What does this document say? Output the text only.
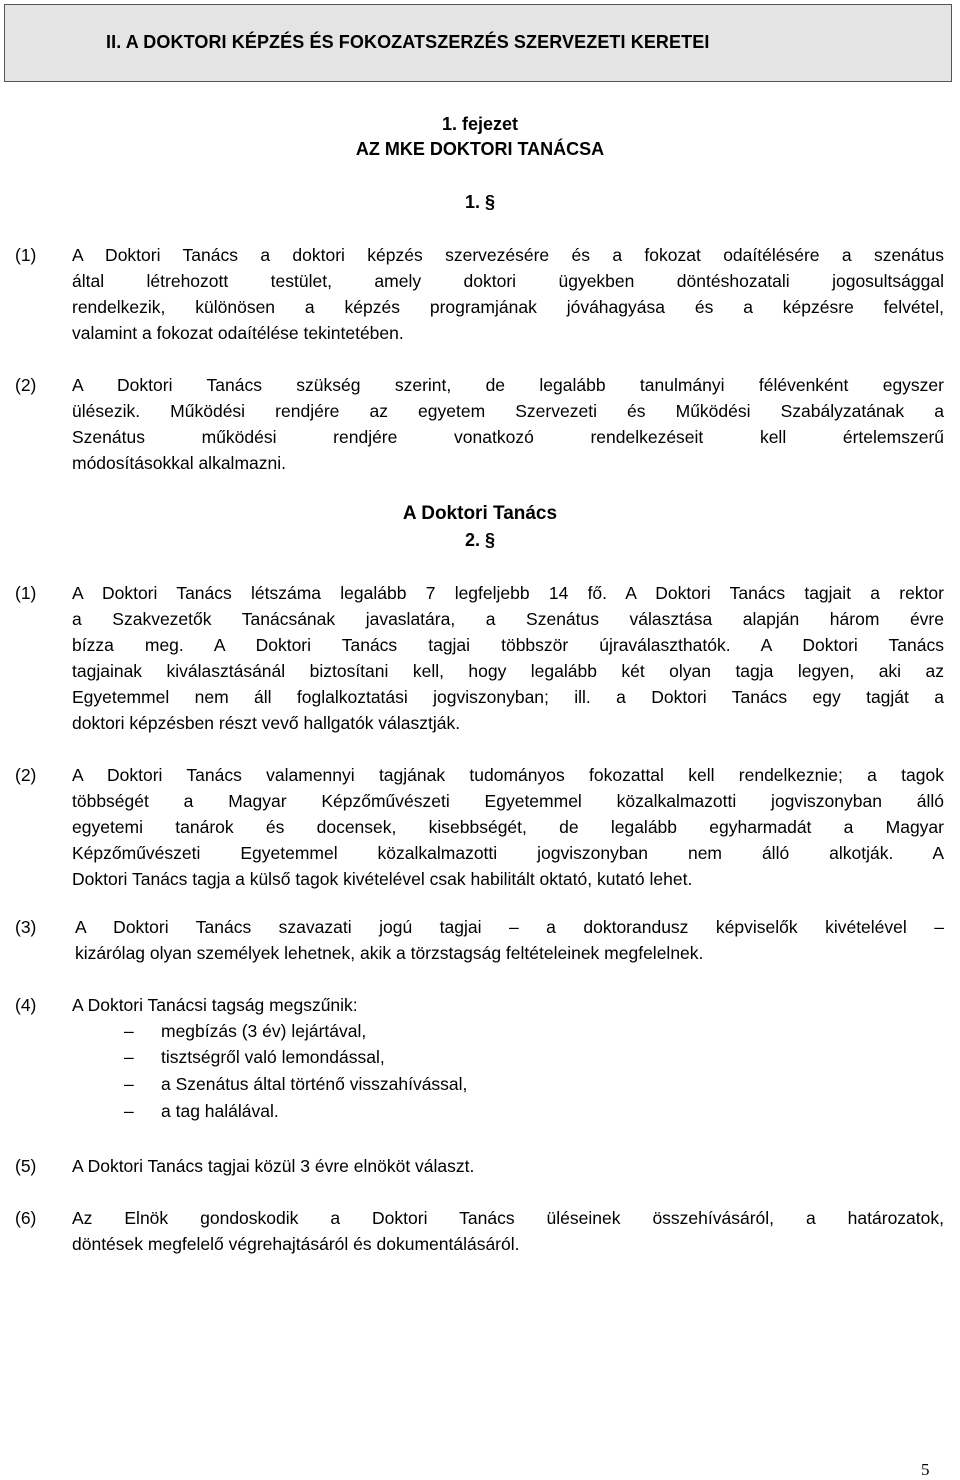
II. A DOKTORI KÉPZÉS ÉS FOKOZATSZERZÉS SZERVEZETI KERETEI
1. fejezet
AZ MKE DOKTORI TANÁCSA
1. §
(1) A Doktori Tanács a doktori képzés szervezésére és a fokozat odaítélésére a szenátus
által létrehozott testület, amely doktori ügyekben döntéshozatali jogosultsággal
rendelkezik, különösen a képzés programjának jóváhagyása és a képzésre felvétel,
valamint a fokozat odaítélése tekintetében.
(2) A Doktori Tanács szükség szerint, de legalább tanulmányi félévenként egyszer
ülésezik. Működési rendjére az egyetem Szervezeti és Működési Szabályzatának a
Szenátus működési rendjére vonatkozó rendelkezéseit kell értelemszerű
módosításokkal alkalmazni.
A Doktori Tanács
2. §
(1) A Doktori Tanács létszáma legalább 7 legfeljebb 14 fő. A Doktori Tanács tagjait a rektor
a Szakvezetők Tanácsának javaslatára, a Szenátus választása alapján három évre
bízza meg. A Doktori Tanács tagjai többször újraválaszthatók. A Doktori Tanács
tagjainak kiválasztásánál biztosítani kell, hogy legalább két olyan tagja legyen, aki az
Egyetemmel nem áll foglalkoztatási jogviszonyban; ill. a Doktori Tanács egy tagját a
doktori képzésben részt vevő hallgatók választják.
(2) A Doktori Tanács valamennyi tagjának tudományos fokozattal kell rendelkeznie; a tagok
többségét a Magyar Képzőművészeti Egyetemmel közalkalmazotti jogviszonyban álló
egyetemi tanárok és docensek, kisebbségét, de legalább egyharmadát a Magyar
Képzőművészeti Egyetemmel közalkalmazotti jogviszonyban nem álló alkotják. A
Doktori Tanács tagja a külső tagok kivételével csak habilitált oktató, kutató lehet.
(3) A Doktori Tanács szavazati jogú tagjai – a doktorandusz képviselők kivételével –
kizárólag olyan személyek lehetnek, akik a törzstagság feltételeinek megfelelnek.
(4) A Doktori Tanácsi tagság megszűnik:
– megbízás (3 év) lejártával,
– tisztségről való lemondással,
– a Szenátus által történő visszahívással,
– a tag halálával.
(5) A Doktori Tanács tagjai közül 3 évre elnököt választ.
(6) Az Elnök gondoskodik a Doktori Tanács üléseinek összehívásáról, a határozatok,
döntések megfelelő végrehajtásáról és dokumentálásáról.
5
